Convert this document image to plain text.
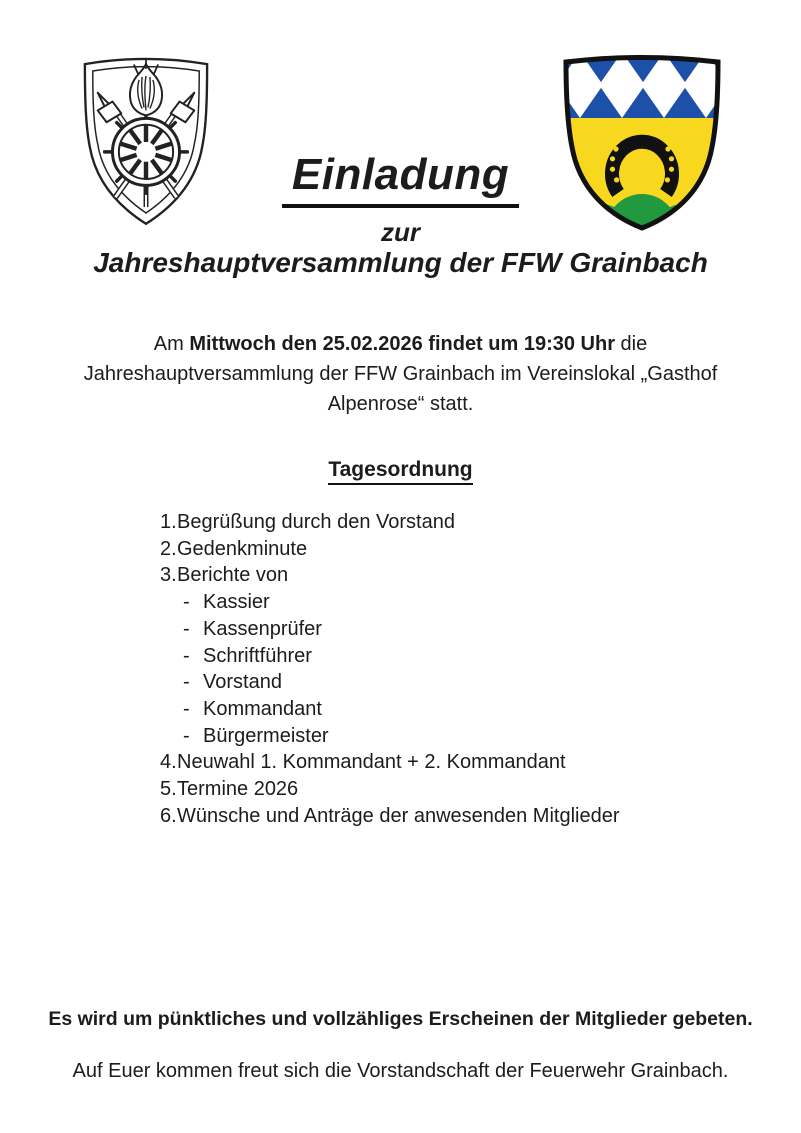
Einladung
zur
Jahreshauptversammlung der FFW Grainbach
Am Mittwoch den 25.02.2026 findet um 19:30 Uhr die Jahreshauptversammlung der FFW Grainbach im Vereinslokal „Gasthof Alpenrose“ statt.
Tagesordnung
1. Begrüßung durch den Vorstand
2. Gedenkminute
3. Berichte von
- Kassier
- Kassenprüfer
- Schriftführer
- Vorstand
- Kommandant
- Bürgermeister
4. Neuwahl 1. Kommandant + 2. Kommandant
5. Termine 2026
6. Wünsche und Anträge der anwesenden Mitglieder
Es wird um pünktliches und vollzähliges Erscheinen der Mitglieder gebeten.
Auf Euer kommen freut sich die Vorstandschaft der Feuerwehr Grainbach.
